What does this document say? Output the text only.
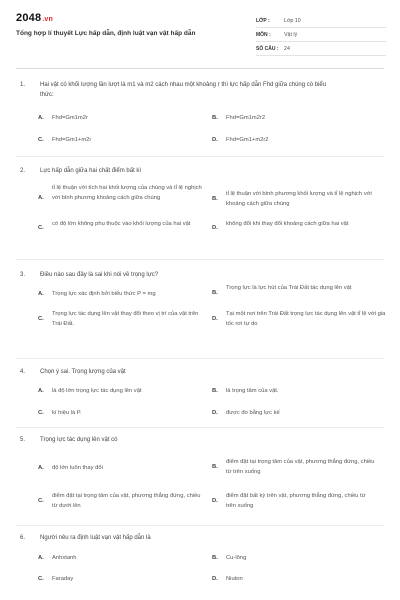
2048.vn
Tổng hợp lí thuyết Lực hấp dẫn, định luật vạn vật hấp dẫn
LỚP :	Lớp 10
MÔN :	Vật lý
SỐ CÂU :	24
1.	Hai vật có khối lượng lần lượt là m1 và m2 cách nhau một khoảng r thì lực hấp dẫn Fhd giữa chúng có biểu thức:
A. Fhd=Gm1m2r	B. Fhd=Gm1m2r2
C. Fhd=Gm1+m2r	D. Fhd=Gm1+m2r2
2.	Lực hấp dẫn giữa hai chất điểm bất kì
A.
tỉ lệ thuận với tích hai khối lượng của chúng và tỉ lệ nghịch với bình phương khoảng cách giữa chúng	B.
tỉ lệ thuận với bình phương khối lượng và tỉ lệ nghịch với khoảng cách giữa chúng
C.
có độ lớn không phụ thuộc vào khối lượng của hai vật
D.
không đổi khi thay đổi khoảng cách giữa hai vật
3.	Điều nào sau đây là sai khi nói về trọng lực?
A. Trọng lực xác định bởi biểu thức P = mg	B.
Trọng lực là lực hút của Trái Đất tác dụng lên vật
C.
Trọng lực tác dụng lên vật thay đổi theo vị trí của vật trên Trái Đất.
D.
Tại một nơi trên Trái Đất trọng lực tác dụng lên vật tỉ lệ với gia tốc rơi tự do
4.	Chọn ý sai. Trọng lượng của vật
A. là độ lớn trọng lực tác dụng lên vật	B. là trọng tâm của vật.
C. kí hiệu là P.	D. được đo bằng lực kế
5.	Trọng lực tác dụng lên vật có
A. độ lớn luôn thay đổi	B.
điểm đặt tại trọng tâm của vật, phương thẳng đứng, chiều từ trên xuống
C.
điểm đặt tại trọng tâm của vật, phương thẳng đứng, chiều từ dưới lên
D.
điểm đặt bất kỳ trên vật, phương thẳng đứng, chiều từ trên xuống
6.	Người nêu ra định luật vạn vật hấp dẫn là
A. Anhxtanh	B. Cu-lông
C. Faraday	D. Niuton
